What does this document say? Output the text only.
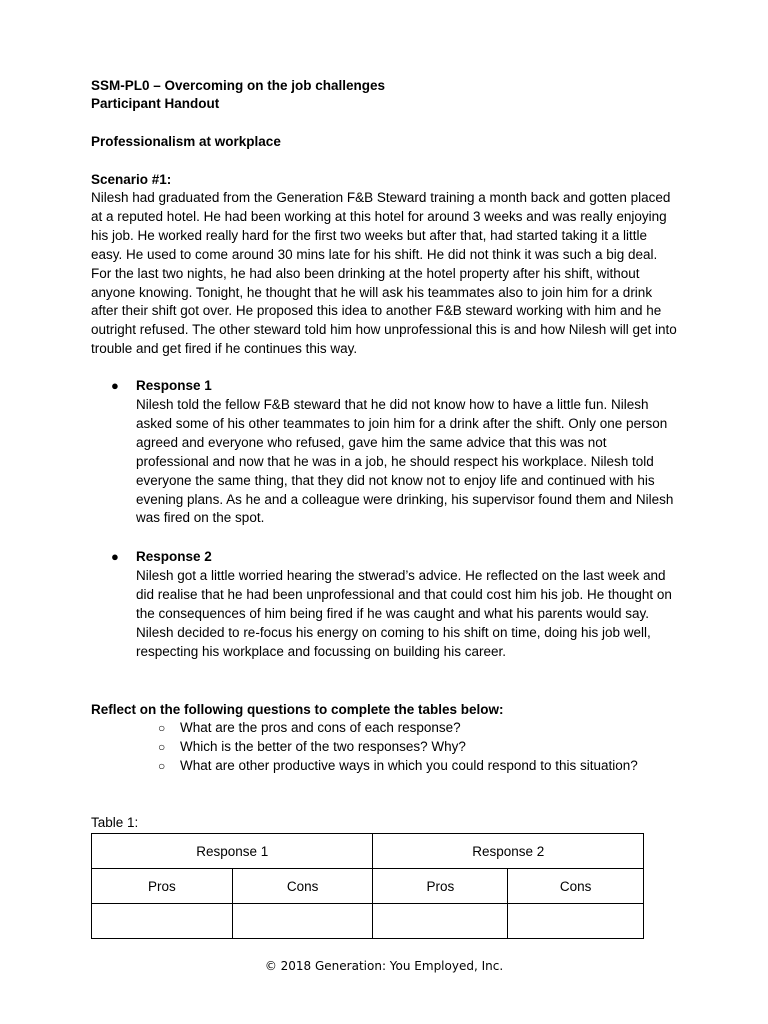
SSM-PL0 – Overcoming on the job challenges
Participant Handout
Professionalism at workplace
Scenario #1:
Nilesh had graduated from the Generation F&B Steward training a month back and gotten placed at a reputed hotel. He had been working at this hotel for around 3 weeks and was really enjoying his job. He worked really hard for the first two weeks but after that, had started taking it a little easy. He used to come around 30 mins late for his shift. He did not think it was such a big deal. For the last two nights, he had also been drinking at the hotel property after his shift, without anyone knowing. Tonight, he thought that he will ask his teammates also to join him for a drink after their shift got over. He proposed this idea to another F&B steward working with him and he outright refused. The other steward told him how unprofessional this is and how Nilesh will get into trouble and get fired if he continues this way.
● Response 1
Nilesh told the fellow F&B steward that he did not know how to have a little fun. Nilesh asked some of his other teammates to join him for a drink after the shift. Only one person agreed and everyone who refused, gave him the same advice that this was not professional and now that he was in a job, he should respect his workplace. Nilesh told everyone the same thing, that they did not know not to enjoy life and continued with his evening plans. As he and a colleague were drinking, his supervisor found them and Nilesh was fired on the spot.
● Response 2
Nilesh got a little worried hearing the stwerad’s advice. He reflected on the last week and did realise that he had been unprofessional and that could cost him his job. He thought on the consequences of him being fired if he was caught and what his parents would say. Nilesh decided to re-focus his energy on coming to his shift on time, doing his job well, respecting his workplace and focussing on building his career.
Reflect on the following questions to complete the tables below:
○ What are the pros and cons of each response?
○ Which is the better of the two responses? Why?
○ What are other productive ways in which you could respond to this situation?
Table 1:
Response 1		Response 2	
Pros	Cons	Pros	Cons

© 2018 Generation: You Employed, Inc.
